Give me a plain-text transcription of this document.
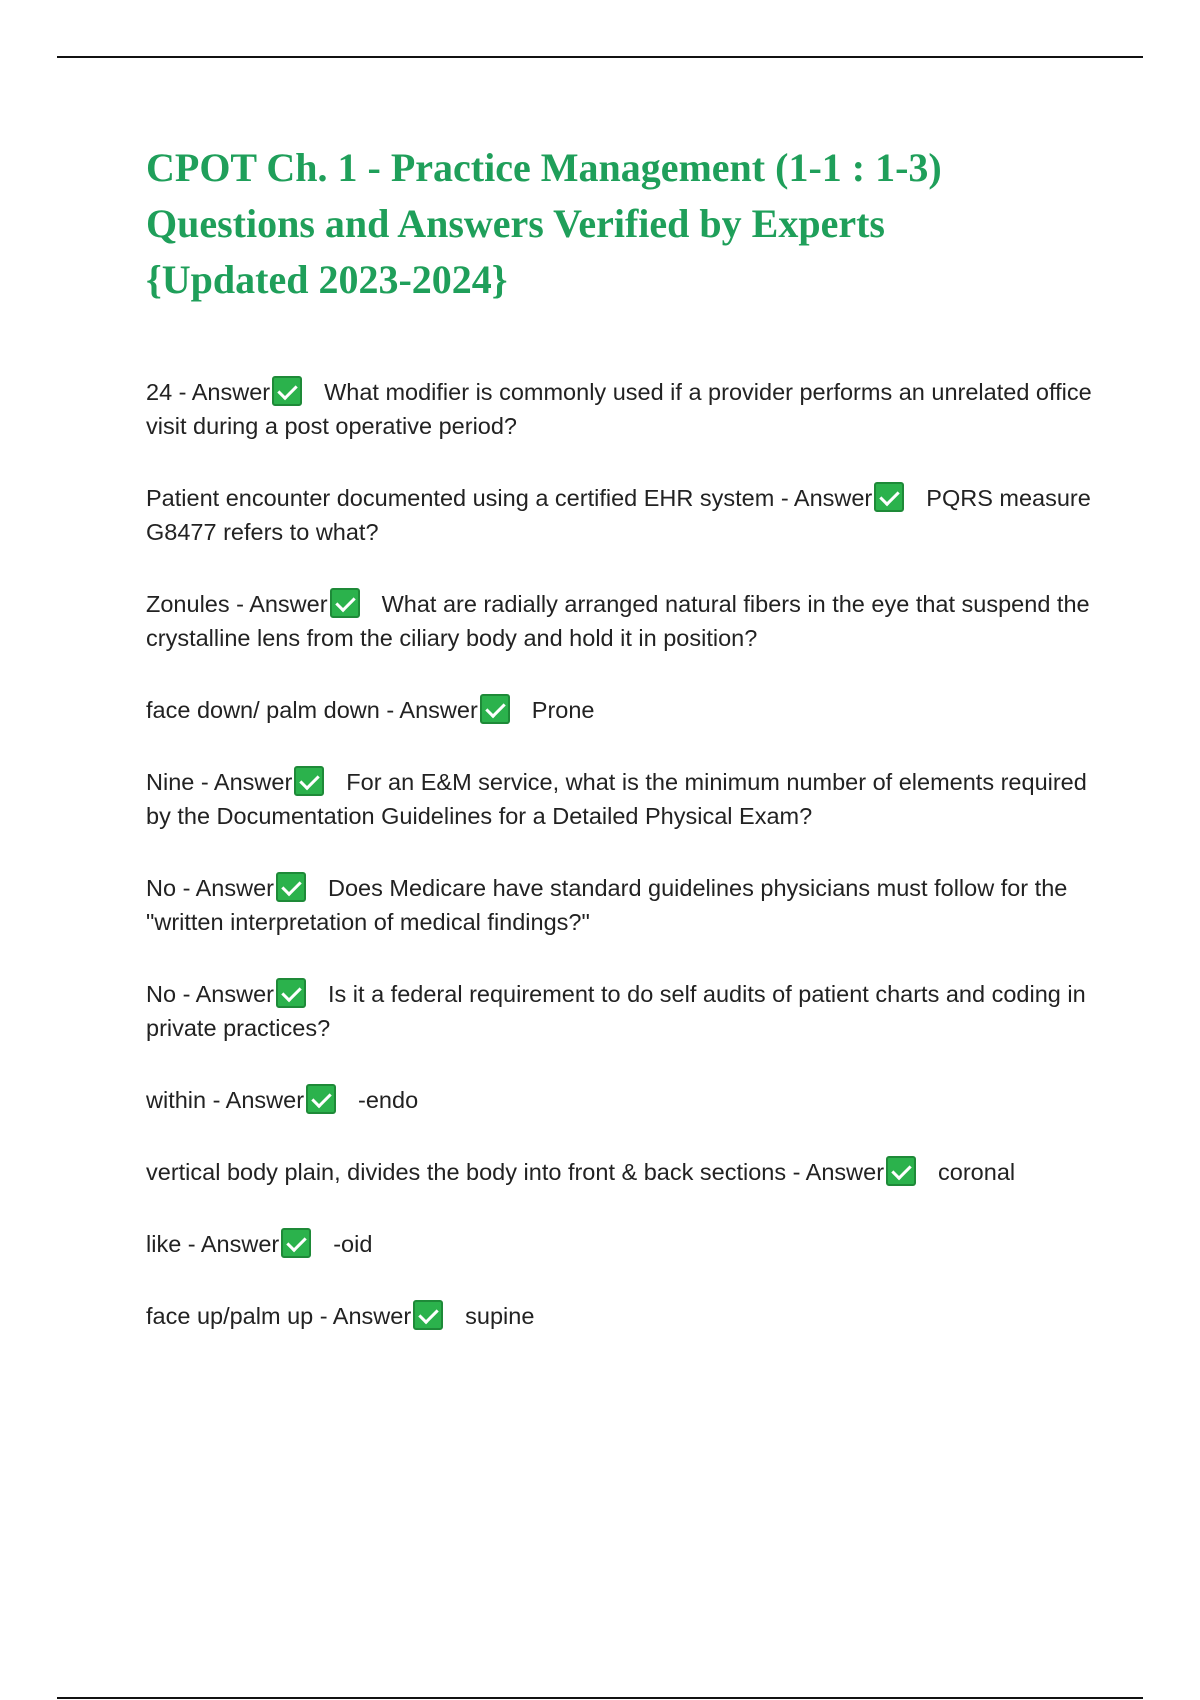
CPOT Ch. 1 - Practice Management (1-1 : 1-3)
Questions and Answers Verified by Experts
{Updated 2023-2024}

24 - Answer What modifier is commonly used if a provider performs an unrelated office visit during a post operative period?

Patient encounter documented using a certified EHR system - Answer PQRS measure G8477 refers to what?

Zonules - Answer What are radially arranged natural fibers in the eye that suspend the crystalline lens from the ciliary body and hold it in position?

face down/ palm down - Answer Prone

Nine - Answer For an E&M service, what is the minimum number of elements required by the Documentation Guidelines for a Detailed Physical Exam?

No - Answer Does Medicare have standard guidelines physicians must follow for the "written interpretation of medical findings?"

No - Answer Is it a federal requirement to do self audits of patient charts and coding in private practices?

within - Answer -endo

vertical body plain, divides the body into front & back sections - Answer coronal

like - Answer -oid

face up/palm up - Answer supine
